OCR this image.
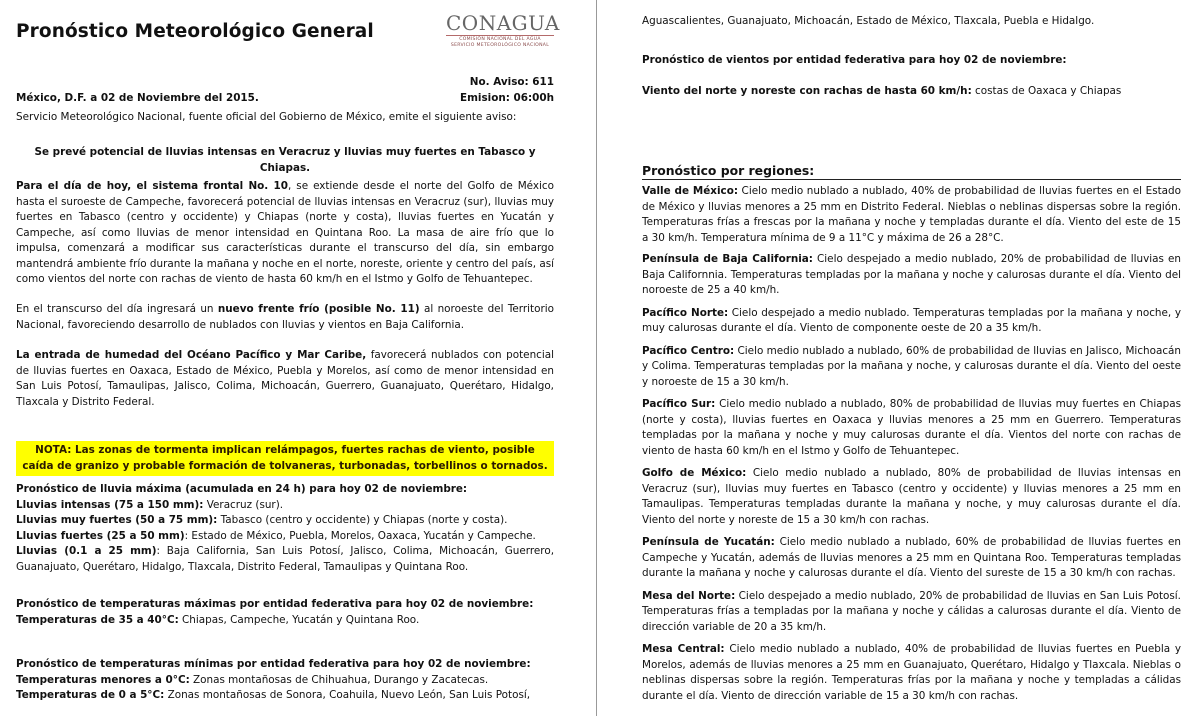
Pronóstico Meteorológico General	CONAGUA
COMISIÓN NACIONAL DEL AGUA
SERVICIO METEOROLÓGICO NACIONAL
No. Aviso: 611
México, D.F. a 02 de Noviembre del 2015.	Emision: 06:00h
Servicio Meteorológico Nacional, fuente oficial del Gobierno de México, emite el siguiente aviso:
Se prevé potencial de lluvias intensas en Veracruz y lluvias muy fuertes en Tabasco y Chiapas.

Para el día de hoy, el sistema frontal No. 10, se extiende desde el norte del Golfo de México hasta el suroeste de Campeche, favorecerá potencial de lluvias intensas en Veracruz (sur), lluvias muy fuertes en Tabasco (centro y occidente) y Chiapas (norte y costa), lluvias fuertes en Yucatán y Campeche, así como lluvias de menor intensidad en Quintana Roo. La masa de aire frío que lo impulsa, comenzará a modificar sus características durante el transcurso del día, sin embargo mantendrá ambiente frío durante la mañana y noche en el norte, noreste, oriente y centro del país, así como vientos del norte con rachas de viento de hasta 60 km/h en el Istmo y Golfo de Tehuantepec.

En el transcurso del día ingresará un nuevo frente frío (posible No. 11) al noroeste del Territorio Nacional, favoreciendo desarrollo de nublados con lluvias y vientos en Baja California.

La entrada de humedad del Océano Pacífico y Mar Caribe, favorecerá nublados con potencial de lluvias fuertes en Oaxaca, Estado de México, Puebla y Morelos, así como de menor intensidad en San Luis Potosí, Tamaulipas, Jalisco, Colima, Michoacán, Guerrero, Guanajuato, Querétaro, Hidalgo, Tlaxcala y Distrito Federal.

NOTA: Las zonas de tormenta implican relámpagos, fuertes rachas de viento, posible caída de granizo y probable formación de tolvaneras, turbonadas, torbellinos o tornados.
Pronóstico de lluvia máxima (acumulada en 24 h) para hoy 02 de noviembre:
Lluvias intensas (75 a 150 mm): Veracruz (sur).
Lluvias muy fuertes (50 a 75 mm): Tabasco (centro y occidente) y Chiapas (norte y costa).
Lluvias fuertes (25 a 50 mm): Estado de México, Puebla, Morelos, Oaxaca, Yucatán y Campeche.
Lluvias (0.1 a 25 mm): Baja California, San Luis Potosí, Jalisco, Colima, Michoacán, Guerrero, Guanajuato, Querétaro, Hidalgo, Tlaxcala, Distrito Federal, Tamaulipas y Quintana Roo.
Pronóstico de temperaturas máximas por entidad federativa para hoy 02 de noviembre:
Temperaturas de 35 a 40°C: Chiapas, Campeche, Yucatán y Quintana Roo.
Pronóstico de temperaturas mínimas por entidad federativa para hoy 02 de noviembre:
Temperaturas menores a 0°C: Zonas montañosas de Chihuahua, Durango y Zacatecas.
Temperaturas de 0 a 5°C: Zonas montañosas de Sonora, Coahuila, Nuevo León, San Luis Potosí,
Aguascalientes, Guanajuato, Michoacán, Estado de México, Tlaxcala, Puebla e Hidalgo.
Pronóstico de vientos por entidad federativa para hoy 02 de noviembre:
Viento del norte y noreste con rachas de hasta 60 km/h: costas de Oaxaca y Chiapas
Pronóstico por regiones:

Valle de México: Cielo medio nublado a nublado, 40% de probabilidad de lluvias fuertes en el Estado de México y lluvias menores a 25 mm en Distrito Federal. Nieblas o neblinas dispersas sobre la región. Temperaturas frías a frescas por la mañana y noche y templadas durante el día. Viento del este de 15 a 30 km/h. Temperatura mínima de 9 a 11°C y máxima de 26 a 28°C.

Península de Baja California: Cielo despejado a medio nublado, 20% de probabilidad de lluvias en Baja Californnia. Temperaturas templadas por la mañana y noche y calurosas durante el día. Viento del noroeste de 25 a 40 km/h.

Pacífico Norte: Cielo despejado a medio nublado. Temperaturas templadas por la mañana y noche, y muy calurosas durante el día. Viento de componente oeste de 20 a 35 km/h.

Pacífico Centro: Cielo medio nublado a nublado, 60% de probabilidad de lluvias en Jalisco, Michoacán y Colima. Temperaturas templadas por la mañana y noche, y calurosas durante el día. Viento del oeste y noroeste de 15 a 30 km/h.

Pacífico Sur: Cielo medio nublado a nublado, 80% de probabilidad de lluvias muy fuertes en Chiapas (norte y costa), lluvias fuertes en Oaxaca y lluvias menores a 25 mm en Guerrero. Temperaturas templadas por la mañana y noche y muy calurosas durante el día. Vientos del norte con rachas de viento de hasta 60 km/h en el Istmo y Golfo de Tehuantepec.

Golfo de México: Cielo medio nublado a nublado, 80% de probabilidad de lluvias intensas en Veracruz (sur), lluvias muy fuertes en Tabasco (centro y occidente) y lluvias menores a 25 mm en Tamaulipas. Temperaturas templadas durante la mañana y noche, y muy calurosas durante el día. Viento del norte y noreste de 15 a 30 km/h con rachas.

Península de Yucatán: Cielo medio nublado a nublado, 60% de probabilidad de lluvias fuertes en Campeche y Yucatán, además de lluvias menores a 25 mm en Quintana Roo. Temperaturas templadas durante la mañana y noche y calurosas durante el día. Viento del sureste de 15 a 30 km/h con rachas.

Mesa del Norte: Cielo despejado a medio nublado, 20% de probabilidad de lluvias en San Luis Potosí. Temperaturas frías a templadas por la mañana y noche y cálidas a calurosas durante el día. Viento de dirección variable de 20 a 35 km/h.

Mesa Central: Cielo medio nublado a nublado, 40% de probabilidad de lluvias fuertes en Puebla y Morelos, además de lluvias menores a 25 mm en Guanajuato, Querétaro, Hidalgo y Tlaxcala. Nieblas o neblinas dispersas sobre la región. Temperaturas frías por la mañana y noche y templadas a cálidas durante el día. Viento de dirección variable de 15 a 30 km/h con rachas.
